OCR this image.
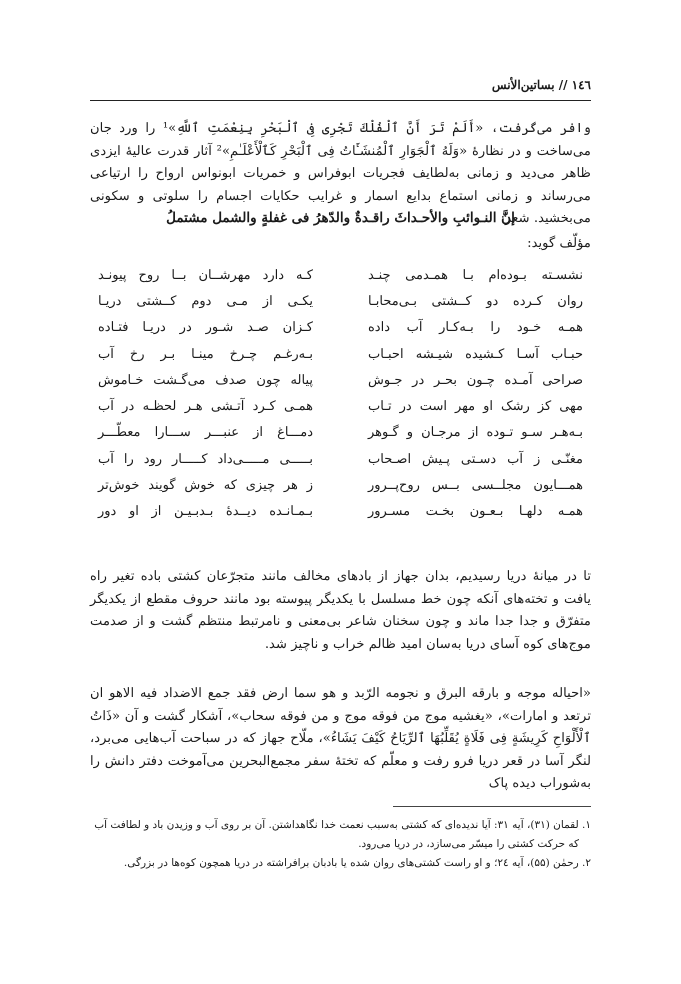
١٤٦ // بساتين‌الأنس
وافر می‌گرفت، «أَلَمْ تَرَ أَنَّ ٱلْفُلْكَ تَجْرِى فِى ٱلْبَحْرِ بِنِعْمَتِ ٱللَّهِ»¹ را ورد جان می‌ساخت و در نظارهٔ «وَلَهُ ٱلْجَوَارِ ٱلْمُنشَـَٔاتُ فِى ٱلْبَحْرِ كَٱلْأَعْلَـٰمِ»² آثار قدرت عالیهٔ ایزدی ظاهر می‌دید و زمانی به‌لطایف فجریات ابوفراس و خمریات ابونواس ارواح را ارتیاعی می‌رساند و زمانی استماع بدایع اسمار و غرایب حکایات اجسام را سلوتی و سکونی می‌بخشید. شعر:
إنَّ النـوائبِ والأحـداثَ راقـدةٌ والدّهرُ فى غفلةٍ والشمل مشتملُ
مؤلّف گوید:
نشسـته بـوده‌ام بـا همـدمی چنـد
کـه دارد مهرشــان بــا روح پیونـد
روان کـرده دو کــشتی بـی‌محابـا
یکـی از مـی دوم کــشتی دریـا
همـه خـود را بـه‌کـار آب داده
کـزان صـد شـور در دریـا فتـاده
حبـاب آسـا کـشیده شیـشه احبـاب
بـه‌رغـم چـرخ مینـا بـر رخ آب
صراحی آمـده چـون بحـر در جـوش
پیاله چون صدف می‌گـشت خـاموش
مهی کز رشک او مهر است در تـاب
همـی کـرد آتـشی هـر لحظـه در آب
بـه‌هـر سـو تـوده از مرجـان و گـوهر
دمـــاغ از عنبـــر ســـارا معطّـــر
مغنّـی ز آب دسـتی پـیش اصـحاب
بـــــی مـــــی‌داد کـــــار رود را آب
همـــایون مجلــسی بــس روح‌پــرور
ز هر چیزی که خوش گویند خوش‌تر
همـه دلهـا بـعـون بخـت مسـرور
بـمـانـده دیــدهٔ بـدبـیـن از او دور
تا در میانهٔ دریا رسیدیم، بدان جهاز از بادهای مخالف مانند متجرّعان کشتی باده تغیر راه یافت و تخته‌های آنکه چون خط مسلسل با یکدیگر پیوسته بود مانند حروف مقطع از یکدیگر متفرّق و جدا جدا ماند و چون سخنان شاعر بی‌معنی و نامرتبط منتظم گشت و از صدمت موج‌های کوه آسای دریا به‌سان امید ظالم خراب و ناچیز شد.
«احیاله موجه و بارقه البرق و نجومه الرّبد و هو سما ارض فقد جمع الاضداد فیه الاهو ان ترتعد و امارات»، «یغشیه موج من فوقه موج و من فوقه سحاب»، آشکار گشت و آن «ذَاتُ ٱلْأَلْوَاحِ کَرِیشَةٍ فِى فَلَاةٍ یُقَلِّبُهَا ٱلرِّیَاحُ کَیْفَ یَشَاءُ»، ملّاح جهاز که در سباحت آب‌هایی می‌برد، لنگر آسا در قعر دریا فرو رفت و معلّم که تختهٔ سفر مجمع‌البحرین می‌آموخت دفتر دانش را به‌شوراب دیده پاک
۱. لقمان (۳۱)، آیه ۳۱: آیا ندیده‌ای که کشتی به‌سبب نعمت خدا نگاهداشتن. آن بر روی آب و وزیدن باد و لطافت آب
که حرکت کشتی را میسّر می‌سازد، در دریا می‌رود.
۲. رحمٰن (۵۵)، آیه ۲٤؛ و او راست کشتی‌های روان شده یا بادبان برافراشته در دریا همچون کوه‌ها در بزرگی.
